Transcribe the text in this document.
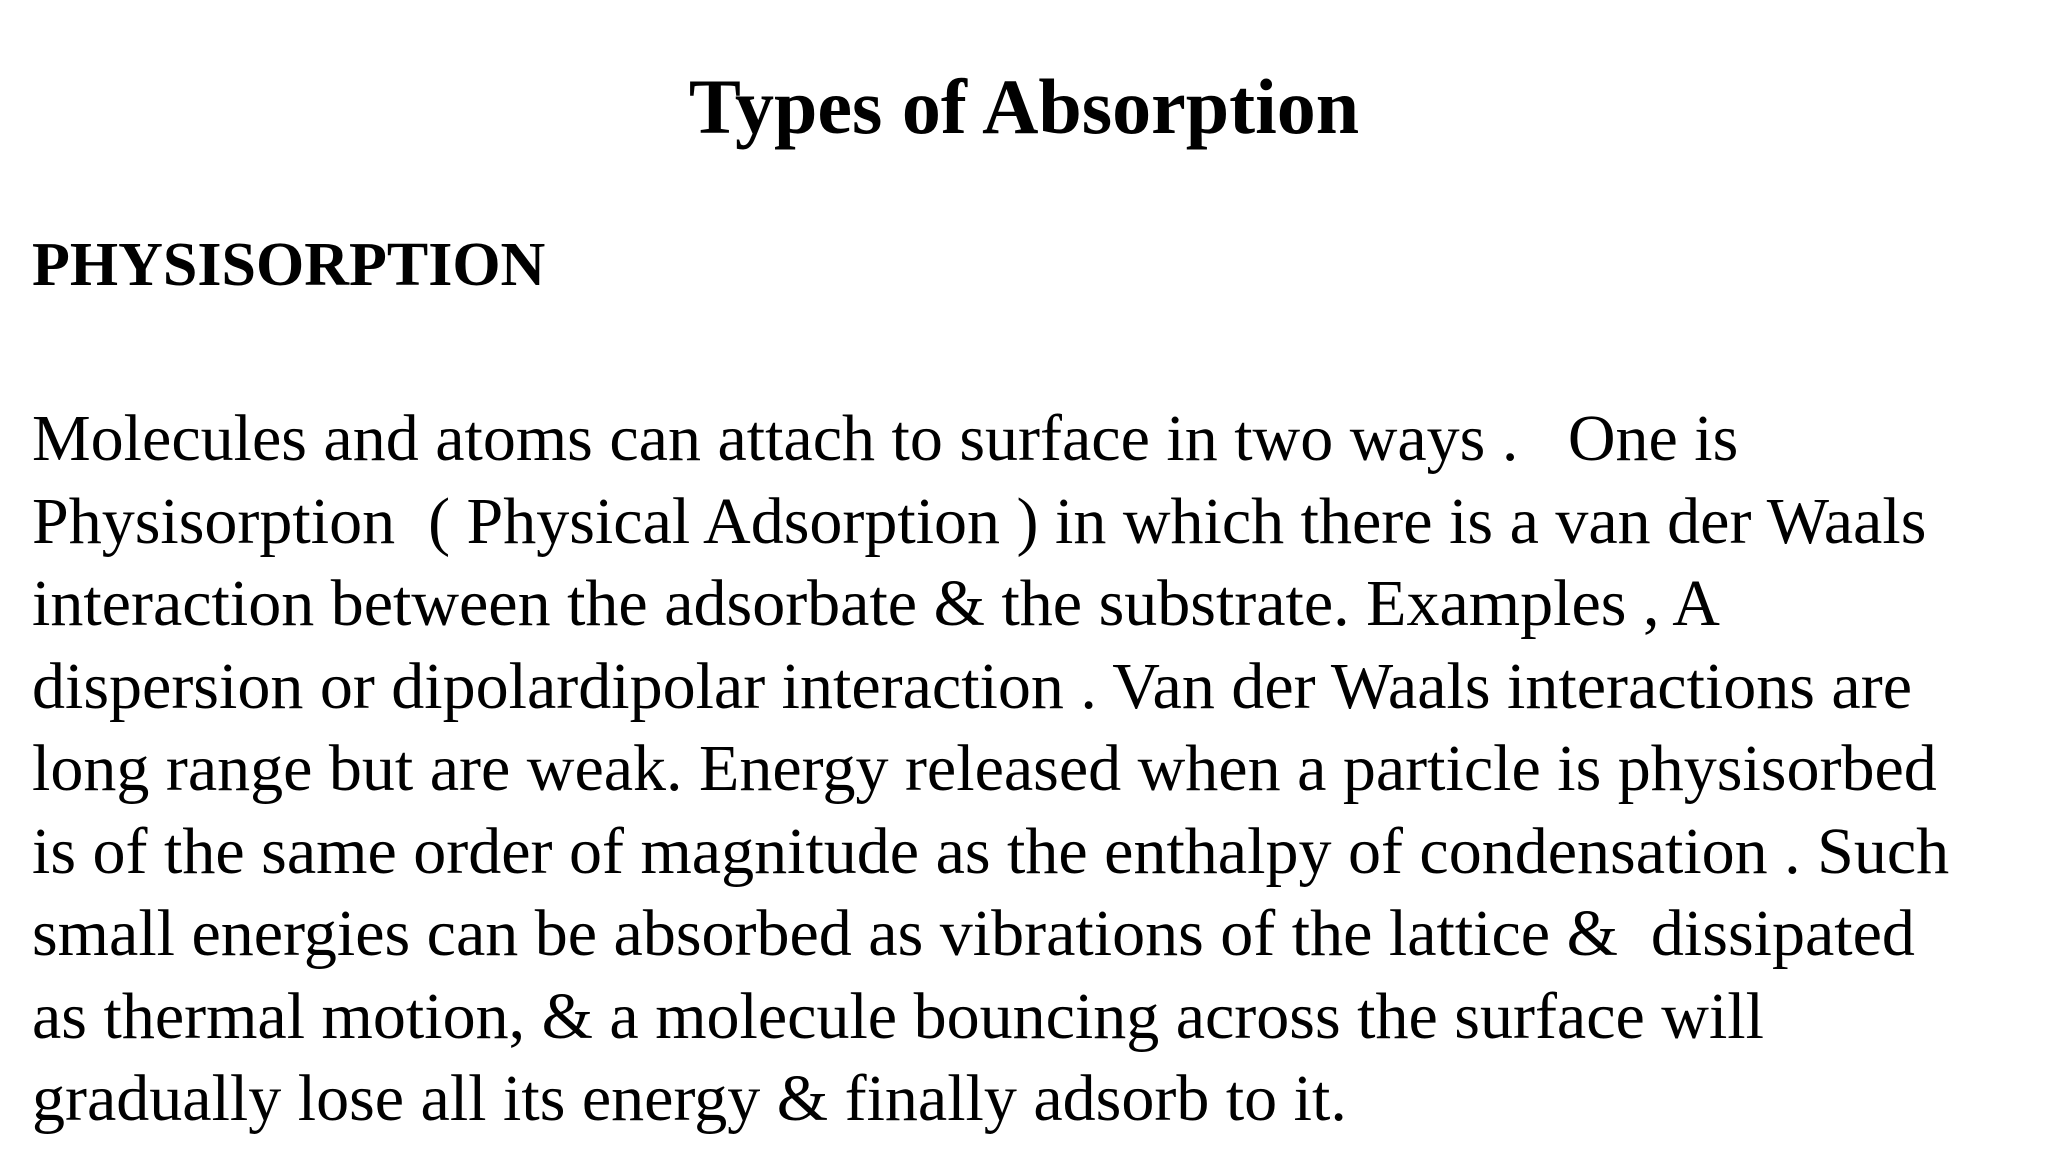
Types of Absorption
PHYSISORPTION

Molecules and atoms can attach to surface in two ways .   One is
Physisorption  ( Physical Adsorption ) in which there is a van der Waals
interaction between the adsorbate & the substrate. Examples , A
dispersion or dipolardipolar interaction . Van der Waals interactions are
long range but are weak. Energy released when a particle is physisorbed
is of the same order of magnitude as the enthalpy of condensation . Such
small energies can be absorbed as vibrations of the lattice &  dissipated
as thermal motion, & a molecule bouncing across the surface will
gradually lose all its energy & finally adsorb to it.
